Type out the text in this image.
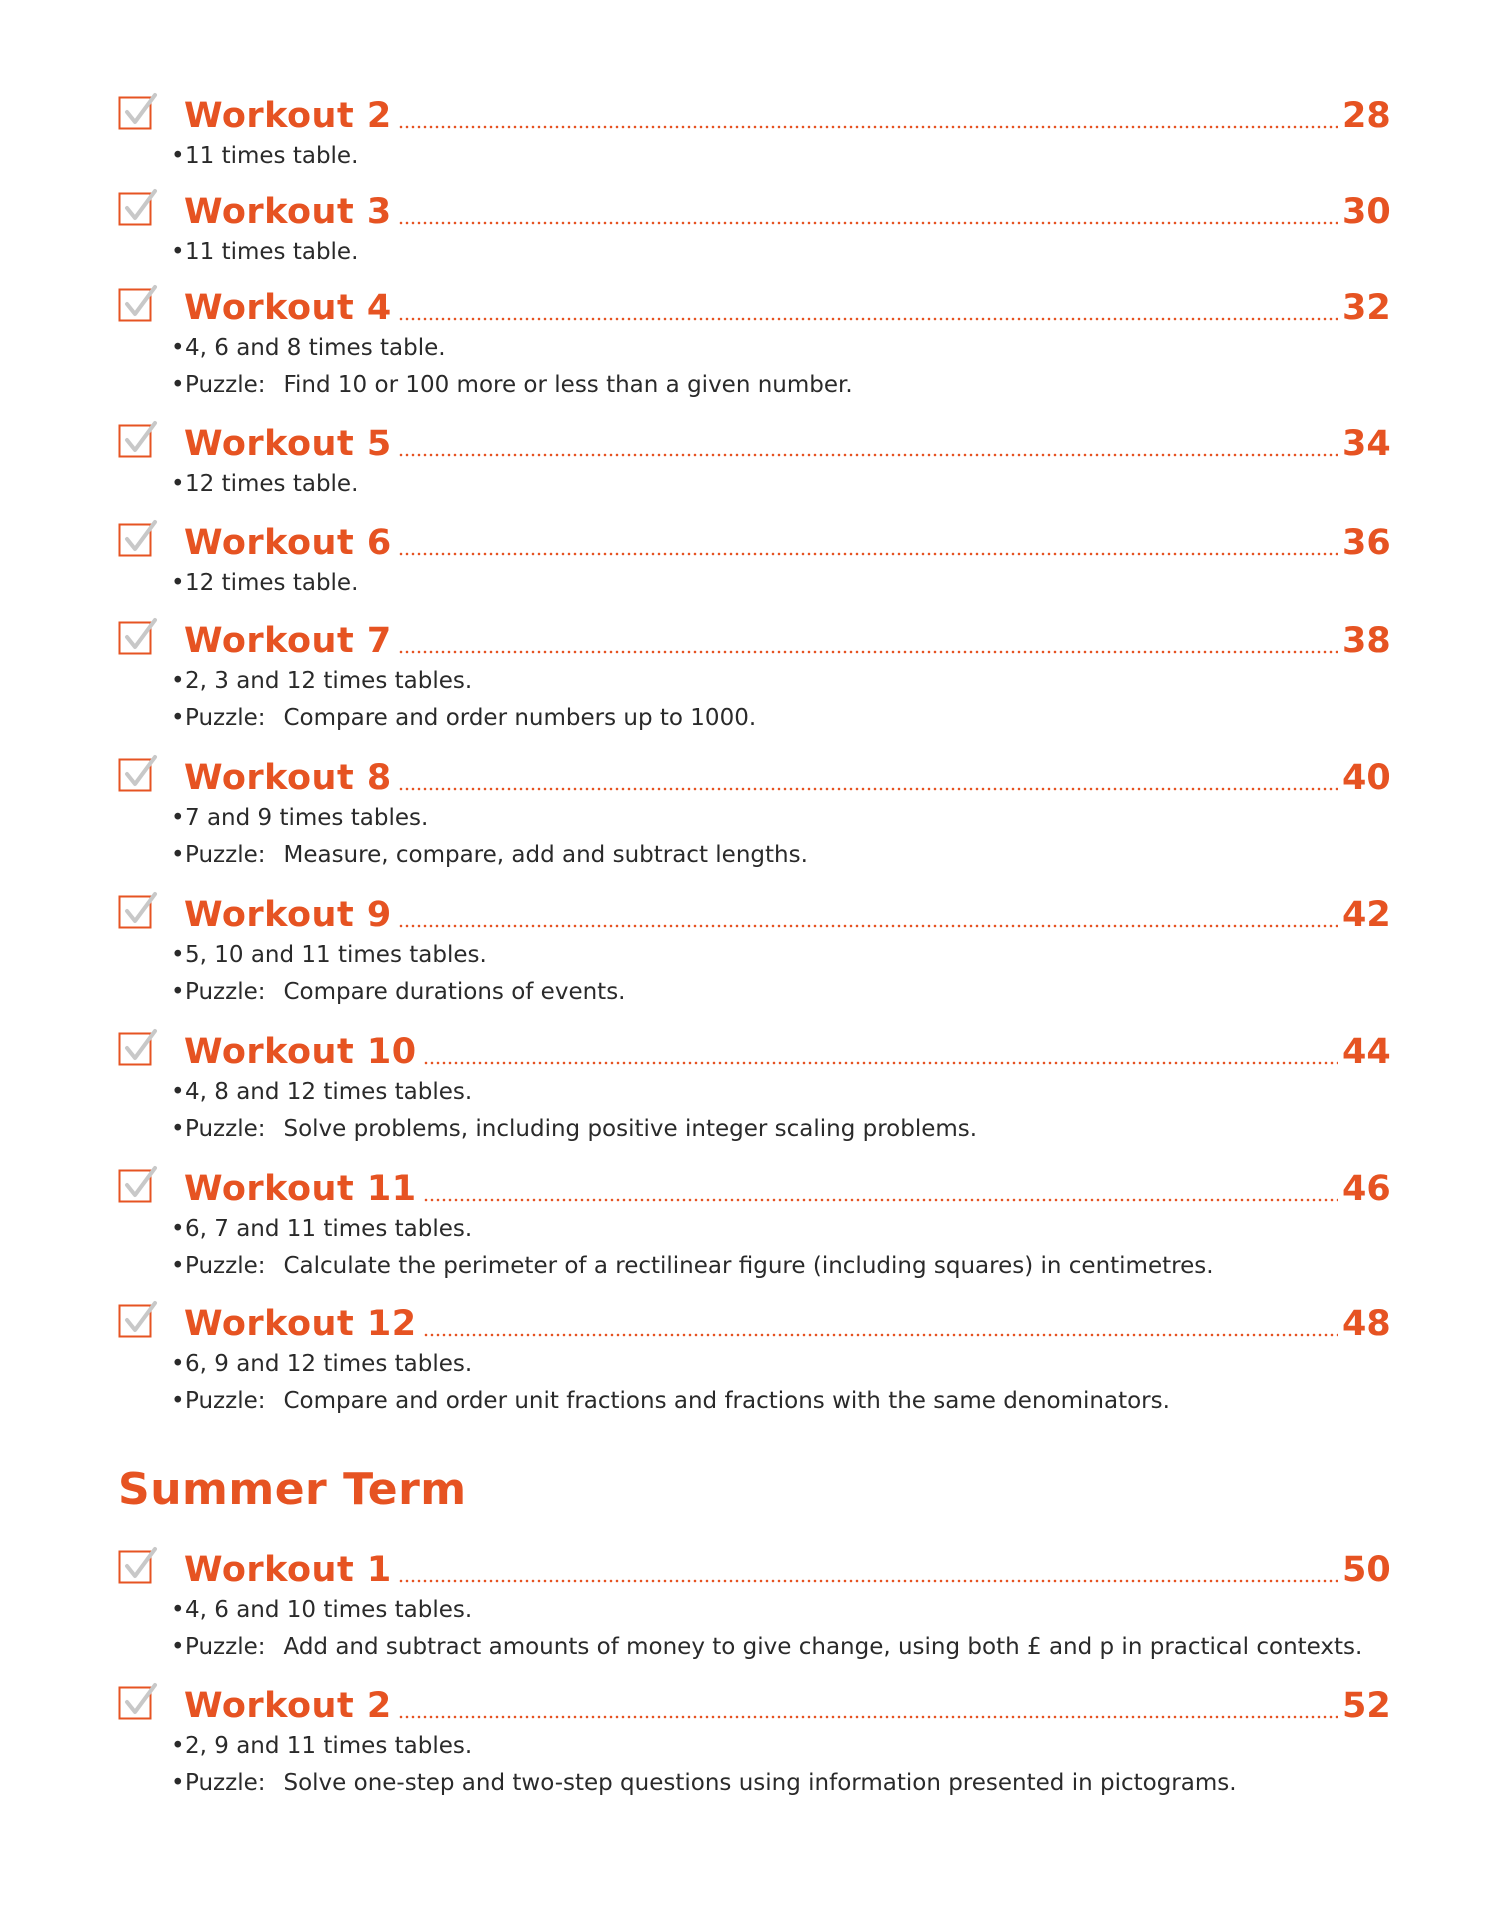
Workout 2	28
•11 times table.
Workout 3	30
•11 times table.
Workout 4	32
•4, 6 and 8 times table.
•Puzzle: Find 10 or 100 more or less than a given number.
Workout 5	34
•12 times table.
Workout 6	36
•12 times table.
Workout 7	38
•2, 3 and 12 times tables.
•Puzzle: Compare and order numbers up to 1000.
Workout 8	40
•7 and 9 times tables.
•Puzzle: Measure, compare, add and subtract lengths.
Workout 9	42
•5, 10 and 11 times tables.
•Puzzle: Compare durations of events.
Workout 10	44
•4, 8 and 12 times tables.
•Puzzle: Solve problems, including positive integer scaling problems.
Workout 11	46
•6, 7 and 11 times tables.
•Puzzle: Calculate the perimeter of a rectilinear figure (including squares) in centimetres.
Workout 12	48
•6, 9 and 12 times tables.
•Puzzle: Compare and order unit fractions and fractions with the same denominators.
Workout 1	50
•4, 6 and 10 times tables.
•Puzzle: Add and subtract amounts of money to give change, using both £ and p in practical contexts.
Workout 2	52
•2, 9 and 11 times tables.
•Puzzle: Solve one-step and two-step questions using information presented in pictograms.
Summer Term
